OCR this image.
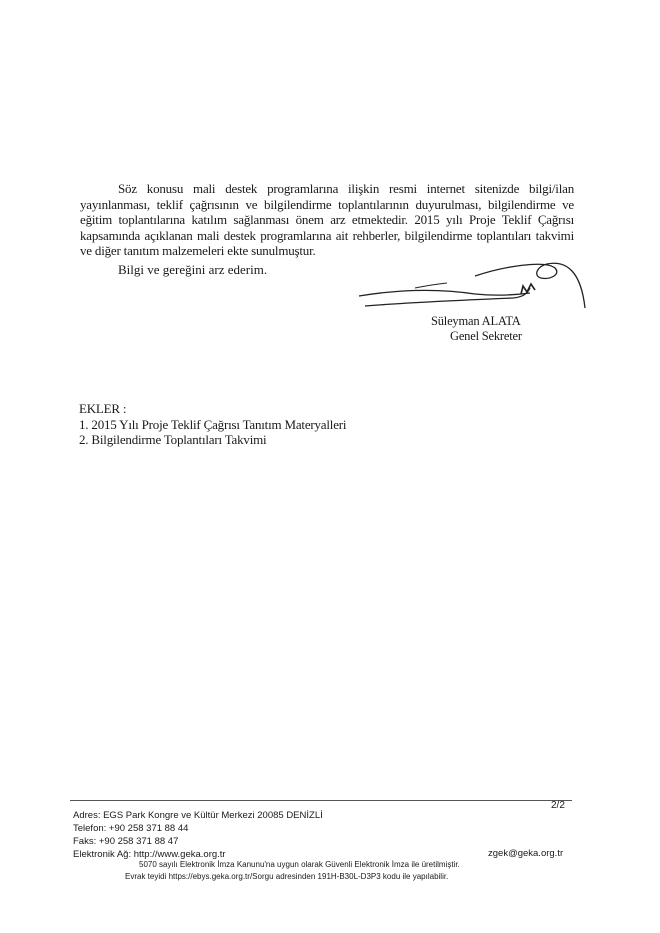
Söz konusu mali destek programlarına ilişkin resmi internet sitenizde bilgi/ilan yayınlanması, teklif çağrısının ve bilgilendirme toplantılarının duyurulması, bilgilendirme ve eğitim toplantılarına katılım sağlanması önem arz etmektedir. 2015 yılı Proje Teklif Çağrısı kapsamında açıklanan mali destek programlarına ait rehberler, bilgilendirme toplantıları takvimi ve diğer tanıtım malzemeleri ekte sunulmuştur.

Bilgi ve gereğini arz ederim.

Süleyman ALATA
Genel Sekreter
EKLER :
1. 2015 Yılı Proje Teklif Çağrısı Tanıtım Materyalleri
2. Bilgilendirme Toplantıları Takvimi
2/2
Adres: EGS Park Kongre ve Kültür Merkezi 20085 DENİZLİ
Telefon: +90 258 371 88 44
Faks: +90 258 371 88 47
Elektronik Ağ: http://www.geka.org.tr	zgek@geka.org.tr
5070 sayılı Elektronik İmza Kanunu'na uygun olarak Güvenli Elektronik İmza ile üretilmiştir.
Evrak teyidi https://ebys.geka.org.tr/Sorgu adresinden 191H-B30L-D3P3 kodu ile yapılabilir.
